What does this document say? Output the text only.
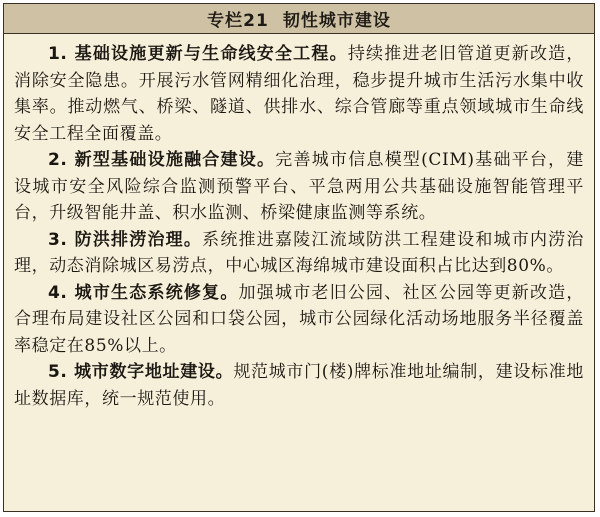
专栏21 韧性城市建设

1. 基础设施更新与生命线安全工程。持续推进老旧管道更新改造，消除安全隐患。开展污水管网精细化治理，稳步提升城市生活污水集中收集率。推动燃气、桥梁、隧道、供排水、综合管廊等重点领域城市生命线安全工程全面覆盖。

2. 新型基础设施融合建设。完善城市信息模型(CIM)基础平台，建设城市安全风险综合监测预警平台、平急两用公共基础设施智能管理平台，升级智能井盖、积水监测、桥梁健康监测等系统。

3. 防洪排涝治理。系统推进嘉陵江流域防洪工程建设和城市内涝治理，动态消除城区易涝点，中心城区海绵城市建设面积占比达到80%。

4. 城市生态系统修复。加强城市老旧公园、社区公园等更新改造，合理布局建设社区公园和口袋公园，城市公园绿化活动场地服务半径覆盖率稳定在85%以上。

5. 城市数字地址建设。规范城市门(楼)牌标准地址编制，建设标准地址数据库，统一规范使用。
